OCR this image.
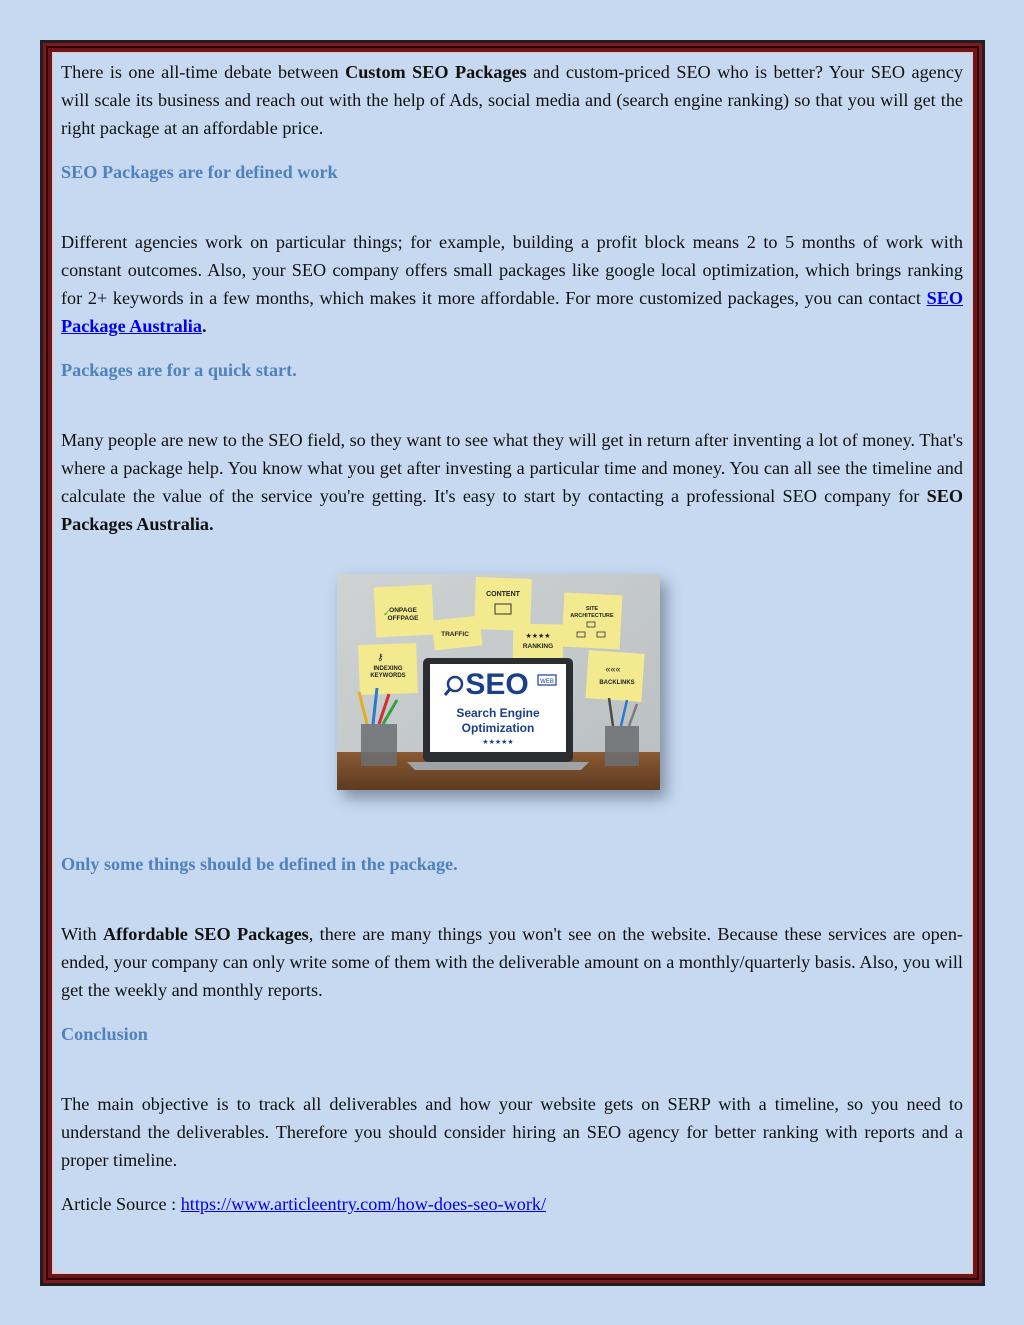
There is one all-time debate between Custom SEO Packages and custom-priced SEO who is better? Your SEO agency will scale its business and reach out with the help of Ads, social media and (search engine ranking) so that you will get the right package at an affordable price.

SEO Packages are for defined work

Different agencies work on particular things; for example, building a profit block means 2 to 5 months of work with constant outcomes. Also, your SEO company offers small packages like google local optimization, which brings ranking for 2+ keywords in a few months, which makes it more affordable. For more customized packages, you can contact SEO Package Australia.

Packages are for a quick start.

Many people are new to the SEO field, so they want to see what they will get in return after inventing a lot of money. That's where a package help. You know what you get after investing a particular time and money. You can all see the timeline and calculate the value of the service you're getting. It's easy to start by contacting a professional SEO company for SEO Packages Australia.

ONPAGE
OFFPAGE
✓
CONTENT
SITE
ARCHITECTURE
TRAFFIC	★★★★
RANKING
⚷
INDEXING
KEYWORDS
«««
BACKLINKS
SEO WEB
Search Engine
Optimization
★★★★★
Only some things should be defined in the package.

With Affordable SEO Packages, there are many things you won't see on the website. Because these services are open-ended, your company can only write some of them with the deliverable amount on a monthly/quarterly basis. Also, you will get the weekly and monthly reports.

Conclusion

The main objective is to track all deliverables and how your website gets on SERP with a timeline, so you need to understand the deliverables. Therefore you should consider hiring an SEO agency for better ranking with reports and a proper timeline.

Article Source : https://www.articleentry.com/how-does-seo-work/
